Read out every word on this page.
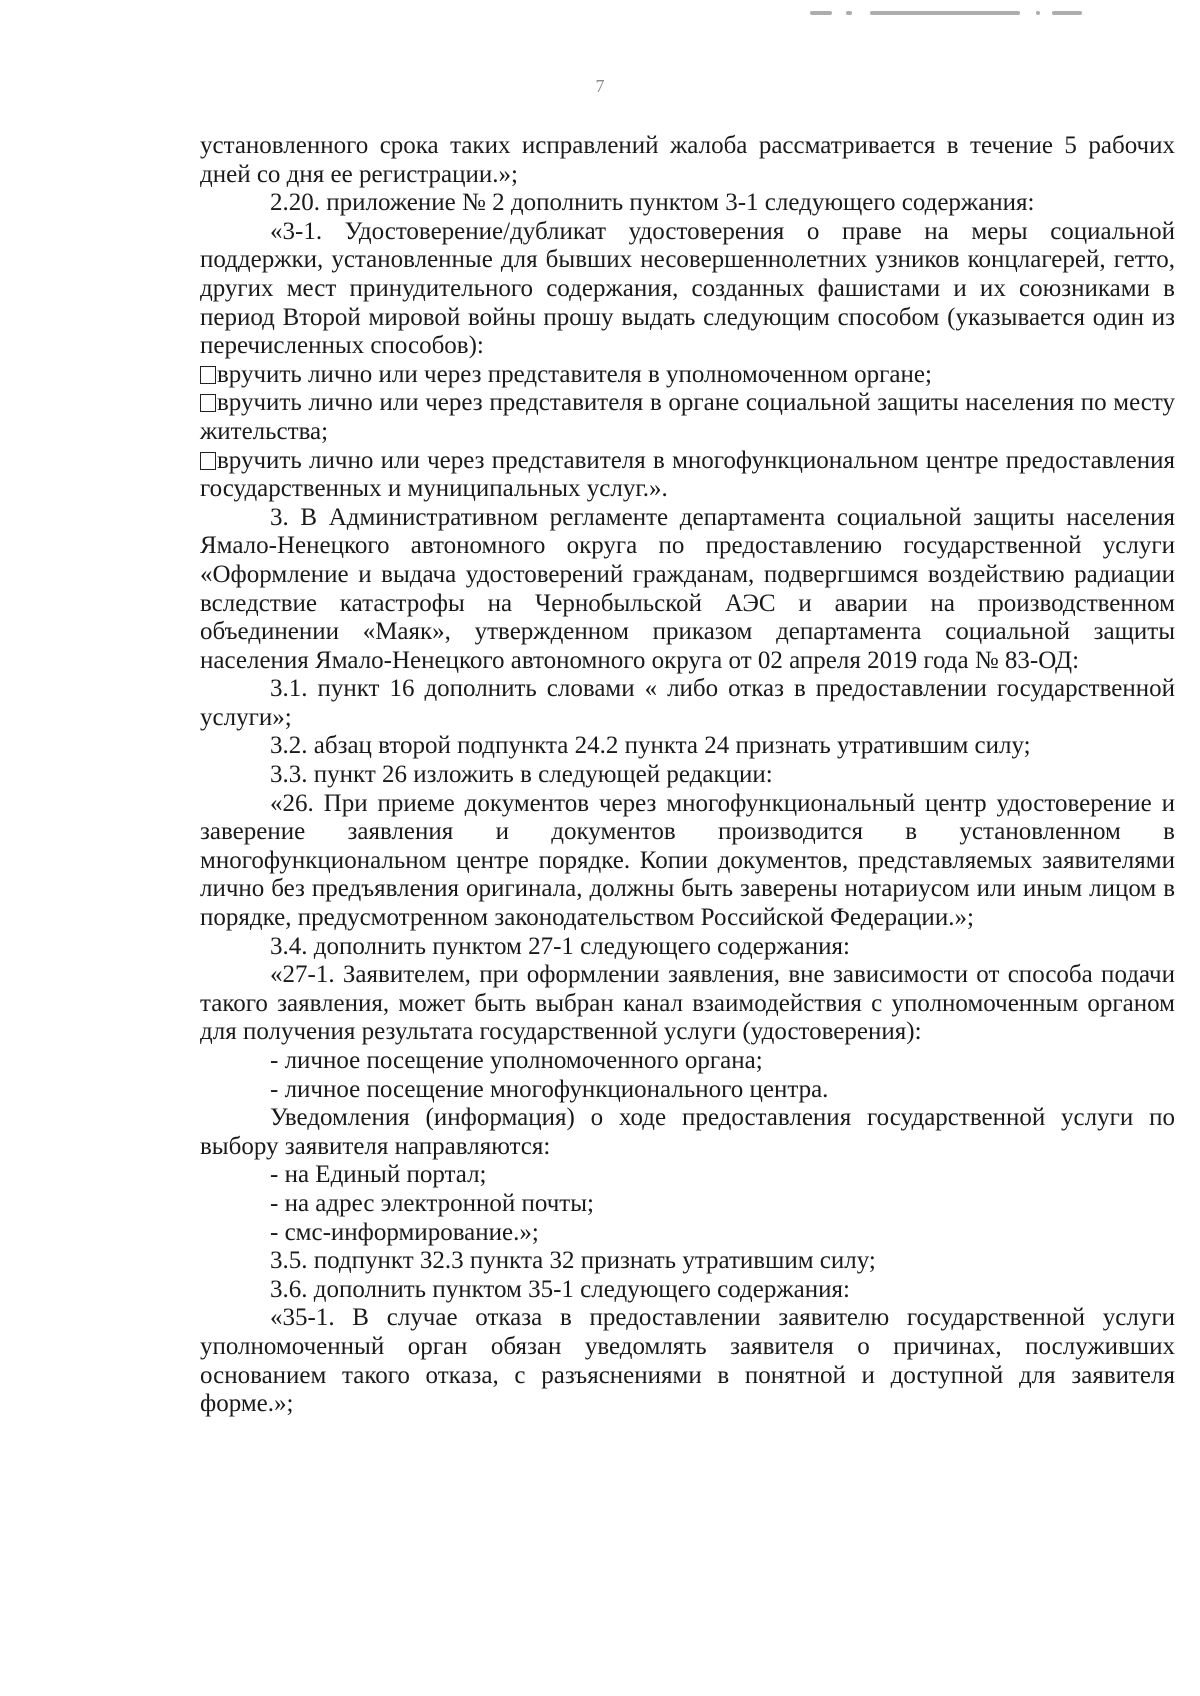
7

установленного срока таких исправлений жалоба рассматривается в течение 5 рабочих дней со дня ее регистрации.»;

2.20. приложение № 2 дополнить пунктом 3-1 следующего содержания:

«3-1. Удостоверение/дубликат удостоверения о праве на меры социальной поддержки, установленные для бывших несовершеннолетних узников концлагерей, гетто, других мест принудительного содержания, созданных фашистами и их союзниками в период Второй мировой войны прошу выдать следующим способом (указывается один из перечисленных способов):

вручить лично или через представителя в уполномоченном органе;

вручить лично или через представителя в органе социальной защиты населения по месту жительства;

вручить лично или через представителя в многофункциональном центре предоставления государственных и муниципальных услуг.».

3. В Административном регламенте департамента социальной защиты населения Ямало-Ненецкого автономного округа по предоставлению государственной услуги «Оформление и выдача удостоверений гражданам, подвергшимся воздействию радиации вследствие катастрофы на Чернобыльской АЭС и аварии на производственном объединении «Маяк», утвержденном приказом департамента социальной защиты населения Ямало-Ненецкого автономного округа от 02 апреля 2019 года № 83-ОД:

3.1. пункт 16 дополнить словами « либо отказ в предоставлении государственной услуги»;

3.2. абзац второй подпункта 24.2 пункта 24 признать утратившим силу;

3.3. пункт 26 изложить в следующей редакции:

«26. При приеме документов через многофункциональный центр удостоверение и заверение заявления и документов производится в установленном в многофункциональном центре порядке. Копии документов, представляемых заявителями лично без предъявления оригинала, должны быть заверены нотариусом или иным лицом в порядке, предусмотренном законодательством Российской Федерации.»;

3.4. дополнить пунктом 27-1 следующего содержания:

«27-1. Заявителем, при оформлении заявления, вне зависимости от способа подачи такого заявления, может быть выбран канал взаимодействия с уполномоченным органом для получения результата государственной услуги (удостоверения):

- личное посещение уполномоченного органа;

- личное посещение многофункционального центра.

Уведомления (информация) о ходе предоставления государственной услуги по выбору заявителя направляются:

- на Единый портал;

- на адрес электронной почты;

- смс-информирование.»;

3.5. подпункт 32.3 пункта 32 признать утратившим силу;

3.6. дополнить пунктом 35-1 следующего содержания:

«35-1. В случае отказа в предоставлении заявителю государственной услуги уполномоченный орган обязан уведомлять заявителя о причинах, послуживших основанием такого отказа, с разъяснениями в понятной и доступной для заявителя форме.»;
